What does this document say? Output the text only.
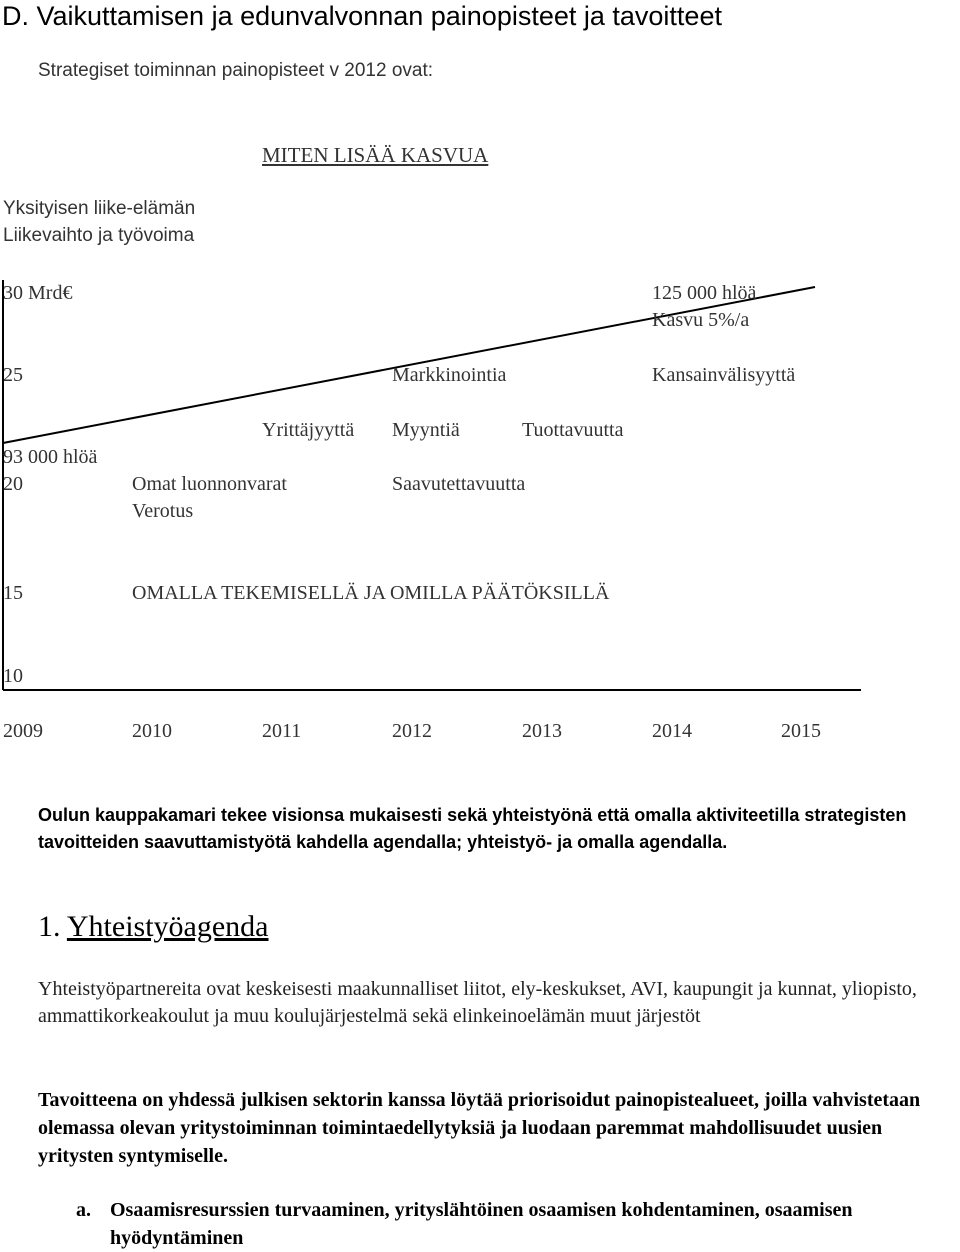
D. Vaikuttamisen ja edunvalvonnan painopisteet ja tavoitteet
Strategiset toiminnan painopisteet v 2012 ovat:
MITEN LISÄÄ KASVUA
Yksityisen liike-elämän
Liikevaihto ja työvoima
30 Mrd€
25
93 000 hlöä
20
15
10
125 000 hlöä
Kasvu 5%/a
Markkinointia	Kansainvälisyyttä
Yrittäjyyttä Myyntiä	Tuottavuutta
Omat luonnonvarat	Saavutettavuutta
Verotus
OMALLA TEKEMISELLÄ JA OMILLA PÄÄTÖKSILLÄ
2009	2010	2011	2012	2013	2014	2015
Oulun kauppakamari tekee visionsa mukaisesti sekä yhteistyönä että omalla aktiviteetilla strategisten tavoitteiden saavuttamistyötä kahdella agendalla; yhteistyö- ja omalla agendalla.
1. Yhteistyöagenda
Yhteistyöpartnereita ovat keskeisesti maakunnalliset liitot, ely-keskukset, AVI, kaupungit ja kunnat, yliopisto, ammattikorkeakoulut ja muu koulujärjestelmä sekä elinkeinoelämän muut järjestöt
Tavoitteena on yhdessä julkisen sektorin kanssa löytää priorisoidut painopistealueet, joilla vahvistetaan olemassa olevan yritystoiminnan toimintaedellytyksiä ja luodaan paremmat mahdollisuudet uusien yritysten syntymiselle.
a. Osaamisresurssien turvaaminen, yrityslähtöinen osaamisen kohdentaminen, osaamisen hyödyntäminen
